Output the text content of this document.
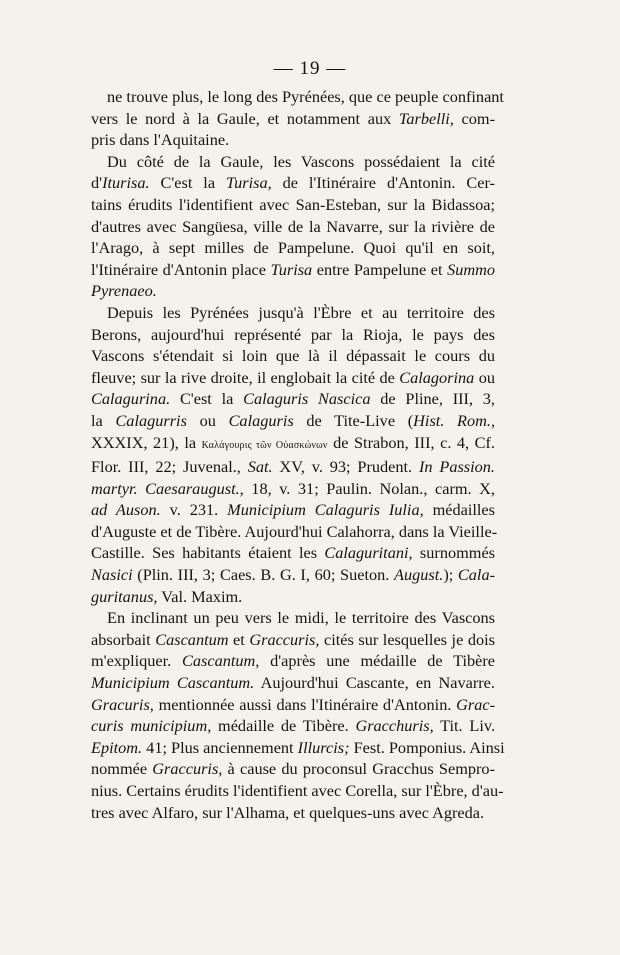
— 19 —
ne trouve plus, le long des Pyrénées, que ce peuple confinant
vers le nord à la Gaule, et notamment aux Tarbelli, com-
pris dans l'Aquitaine.
Du côté de la Gaule, les Vascons possédaient la cité
d'Iturisa. C'est la Turisa, de l'Itinéraire d'Antonin. Cer-
tains érudits l'identifient avec San-Esteban, sur la Bidassoa;
d'autres avec Sangüesa, ville de la Navarre, sur la rivière de
l'Arago, à sept milles de Pampelune. Quoi qu'il en soit,
l'Itinéraire d'Antonin place Turisa entre Pampelune et Summo
Pyrenaeo.
Depuis les Pyrénées jusqu'à l'Èbre et au territoire des
Berons, aujourd'hui représenté par la Rioja, le pays des
Vascons s'étendait si loin que là il dépassait le cours du
fleuve; sur la rive droite, il englobait la cité de Calagorina ou
Calagurina. C'est la Calaguris Nascica de Pline, III, 3,
la Calagurris ou Calaguris de Tite-Live (Hist. Rom.,
XXXIX, 21), la Καλάγουρις τῶν Οὐασκώνων de Strabon, III, c. 4, Cf.
Flor. III, 22; Juvenal., Sat. XV, v. 93; Prudent. In Passion.
martyr. Caesaraugust., 18, v. 31; Paulin. Nolan., carm. X,
ad Auson. v. 231. Municipium Calaguris Iulia, médailles
d'Auguste et de Tibère. Aujourd'hui Calahorra, dans la Vieille-
Castille. Ses habitants étaient les Calaguritani, surnommés
Nasici (Plin. III, 3; Caes. B. G. I, 60; Sueton. August.); Cala-
guritanus, Val. Maxim.
En inclinant un peu vers le midi, le territoire des Vascons
absorbait Cascantum et Graccuris, cités sur lesquelles je dois
m'expliquer. Cascantum, d'après une médaille de Tibère
Municipium Cascantum. Aujourd'hui Cascante, en Navarre.
Gracuris, mentionnée aussi dans l'Itinéraire d'Antonin. Grac-
curis municipium, médaille de Tibère. Gracchuris, Tit. Liv.
Epitom. 41; Plus anciennement Illurcis; Fest. Pomponius. Ainsi
nommée Graccuris, à cause du proconsul Gracchus Sempro-
nius. Certains érudits l'identifient avec Corella, sur l'Èbre, d'au-
tres avec Alfaro, sur l'Alhama, et quelques-uns avec Agreda.
